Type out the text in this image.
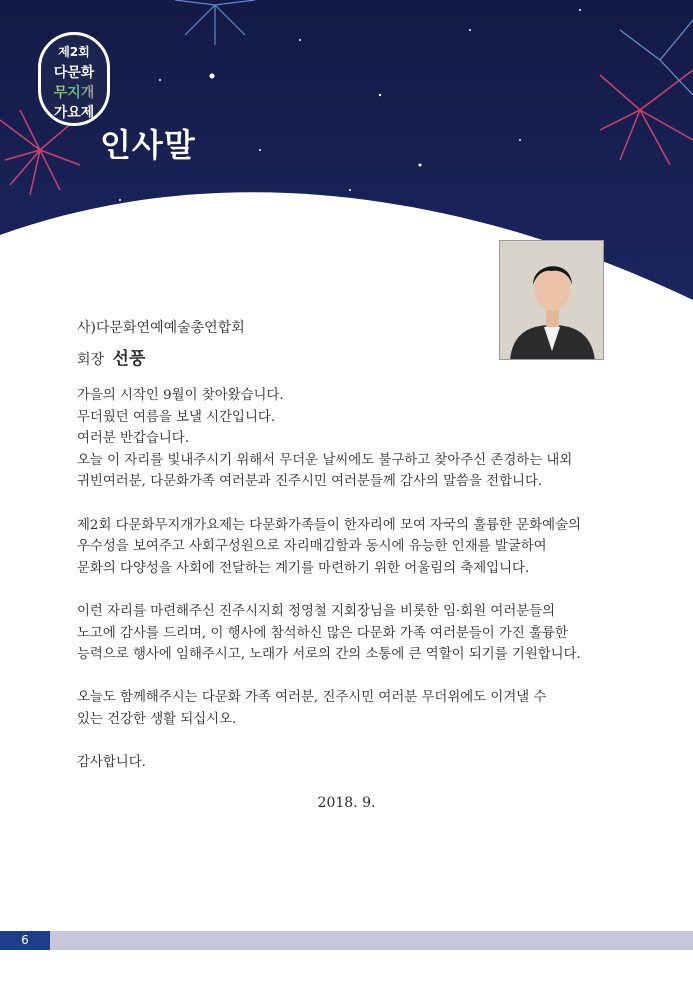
제2회
다문화
무지개
가요제
인사말
사)다문화연예예술총연합회
회장 선풍

가을의 시작인 9월이 찾아왔습니다.

무더웠던 여름을 보낼 시간입니다.

여러분 반갑습니다.

오늘 이 자리를 빛내주시기 위해서 무더운 날씨에도 불구하고 찾아주신 존경하는 내외

귀빈여러분, 다문화가족 여러분과 진주시민 여러분들께 감사의 말씀을 전합니다.

제2회 다문화무지개가요제는 다문화가족들이 한자리에 모여 자국의 훌륭한 문화예술의

우수성을 보여주고 사회구성원으로 자리매김함과 동시에 유능한 인재를 발굴하여

문화의 다양성을 사회에 전달하는 계기를 마련하기 위한 어울림의 축제입니다.

이런 자리를 마련해주신 진주시지회 정영철 지회장님을 비롯한 임·회원 여러분들의

노고에 감사를 드리며, 이 행사에 참석하신 많은 다문화 가족 여러분들이 가진 훌륭한

능력으로 행사에 임해주시고, 노래가 서로의 간의 소통에 큰 역할이 되기를 기원합니다.

오늘도 함께해주시는 다문화 가족 여러분, 진주시민 여러분 무더위에도 이겨낼 수

있는 건강한 생활 되십시오.

감사합니다.

2018. 9.
6
